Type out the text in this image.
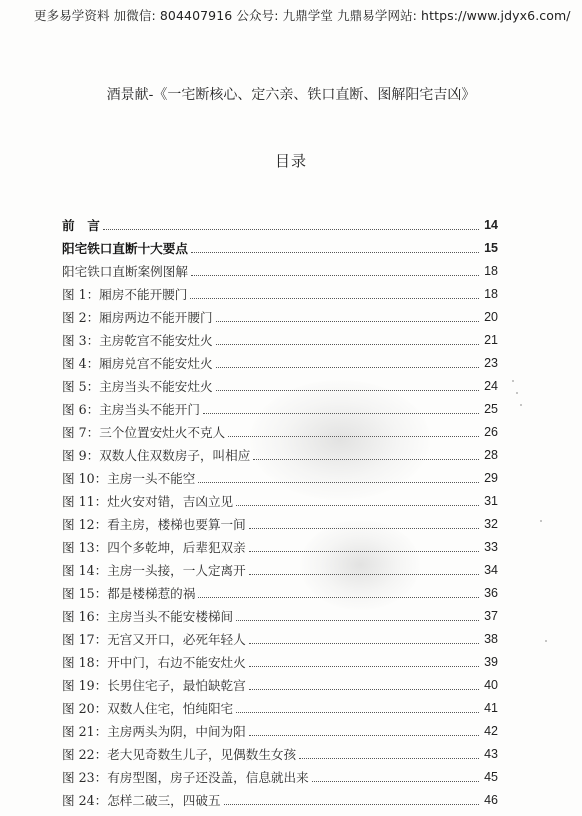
更多易学资料 加微信: 804407916 公众号: 九鼎学堂 九鼎易学网站: https://www.jdyx6.com/
酒景献-《一宅断核心、定六亲、铁口直断、图解阳宅吉凶》
目录
前　言	14
阳宅铁口直断十大要点	15
阳宅铁口直断案例图解	18
图 1：厢房不能开腰门	18
图 2：厢房两边不能开腰门	20
图 3：主房乾宫不能安灶火	21
图 4：厢房兑宫不能安灶火	23
图 5：主房当头不能安灶火	24
图 6：主房当头不能开门	25
图 7：三个位置安灶火不克人	26
图 9：双数人住双数房子，叫相应	28
图 10：主房一头不能空	29
图 11：灶火安对错，吉凶立见	31
图 12：看主房，楼梯也要算一间	32
图 13：四个多乾坤，后辈犯双亲	33
图 14：主房一头接，一人定离开	34
图 15：都是楼梯惹的祸	36
图 16：主房当头不能安楼梯间	37
图 17：无宫又开口，必死年轻人	38
图 18：开中门，右边不能安灶火	39
图 19：长男住宅子，最怕缺乾宫	40
图 20：双数人住宅，怕纯阳宅	41
图 21：主房两头为阴，中间为阳	42
图 22：老大见奇数生儿子，见偶数生女孩	43
图 23：有房型图，房子还没盖，信息就出来	45
图 24：怎样二破三，四破五	46
